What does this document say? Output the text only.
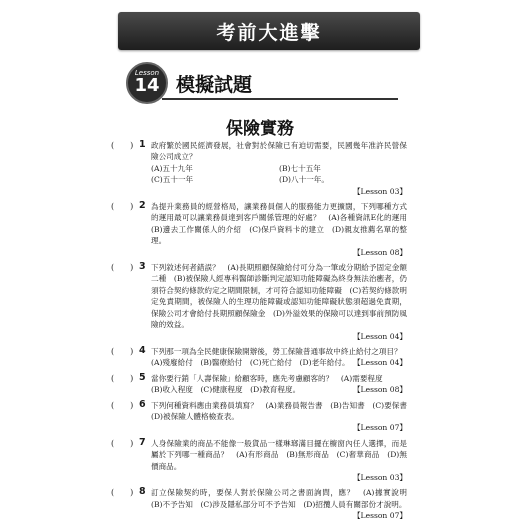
考前大進擊
模擬試題
Lesson
14
保險實務
(　　) 1 政府繁於國民經濟發展，社會對於保險已有迫切需要，民國幾年准許民營保險公司成立？
(A)五十九年	(B)七十五年
(C)五十一年	(D)八十一年。
【Lesson 03】
(　　) 2 為提升業務員的經營格局，讓業務員個人的服務能力更擴闊，下列哪種方式的運用最可以讓業務員達到客戶關係管理的好處？　(A)各種資訊E化的運用　(B)邊去工作關係人的介紹　(C)保戶資料卡的建立　(D)親友推薦名單的整理。
【Lesson 08】
(　　) 3 下列敘述何者錯誤？　(A)長期照顧保險給付可分為一筆或分期給予固定金額二種　(B)被保險人經專科醫師診斷判定認知功能障礙為終身無法治癒者，仍須符合契約條款約定之期間限制，才可符合認知功能障礙　(C)若契約條款明定免責期間，被保險人的生理功能障礙或認知功能障礙狀態須超過免責期，保險公司才會給付長期照顧保險金　(D)外溢效果的保險可以達到事前預防風險的效益。
【Lesson 04】
(　　) 4 下列那一項為全民健康保險開辦後，勞工保險普通事故中終止給付之項目？
(A)殘廢給付　(B)醫療給付　(C)死亡給付　(D)老年給付。 【Lesson 04】
(　　) 5 當你要行銷「人壽保險」給顧客時，應先考慮顧客的？　(A)需要程度
(B)收入程度　(C)健康程度　(D)教育程度。	【Lesson 08】
(　　) 6 下列何種資料應由業務員填寫？　(A)業務員報告書　(B)告知書　(C)要保書　(D)被保險人體格檢查表。
【Lesson 07】
(　　) 7 人身保險業的商品不能像一般貨品一樣琳瑯滿目擺在櫥窗內任人選擇，而是屬於下列哪一種商品？　(A)有形商品　(B)無形商品　(C)奢華商品　(D)無價商品。
【Lesson 03】
(　　) 8 訂立保險契約時，要保人對於保險公司之書面詢問，應？　(A)據實說明　(B)不予告知　(C)涉及隱私部分可不予告知　(D)招攬人員有關部份才說明。
【Lesson 07】
